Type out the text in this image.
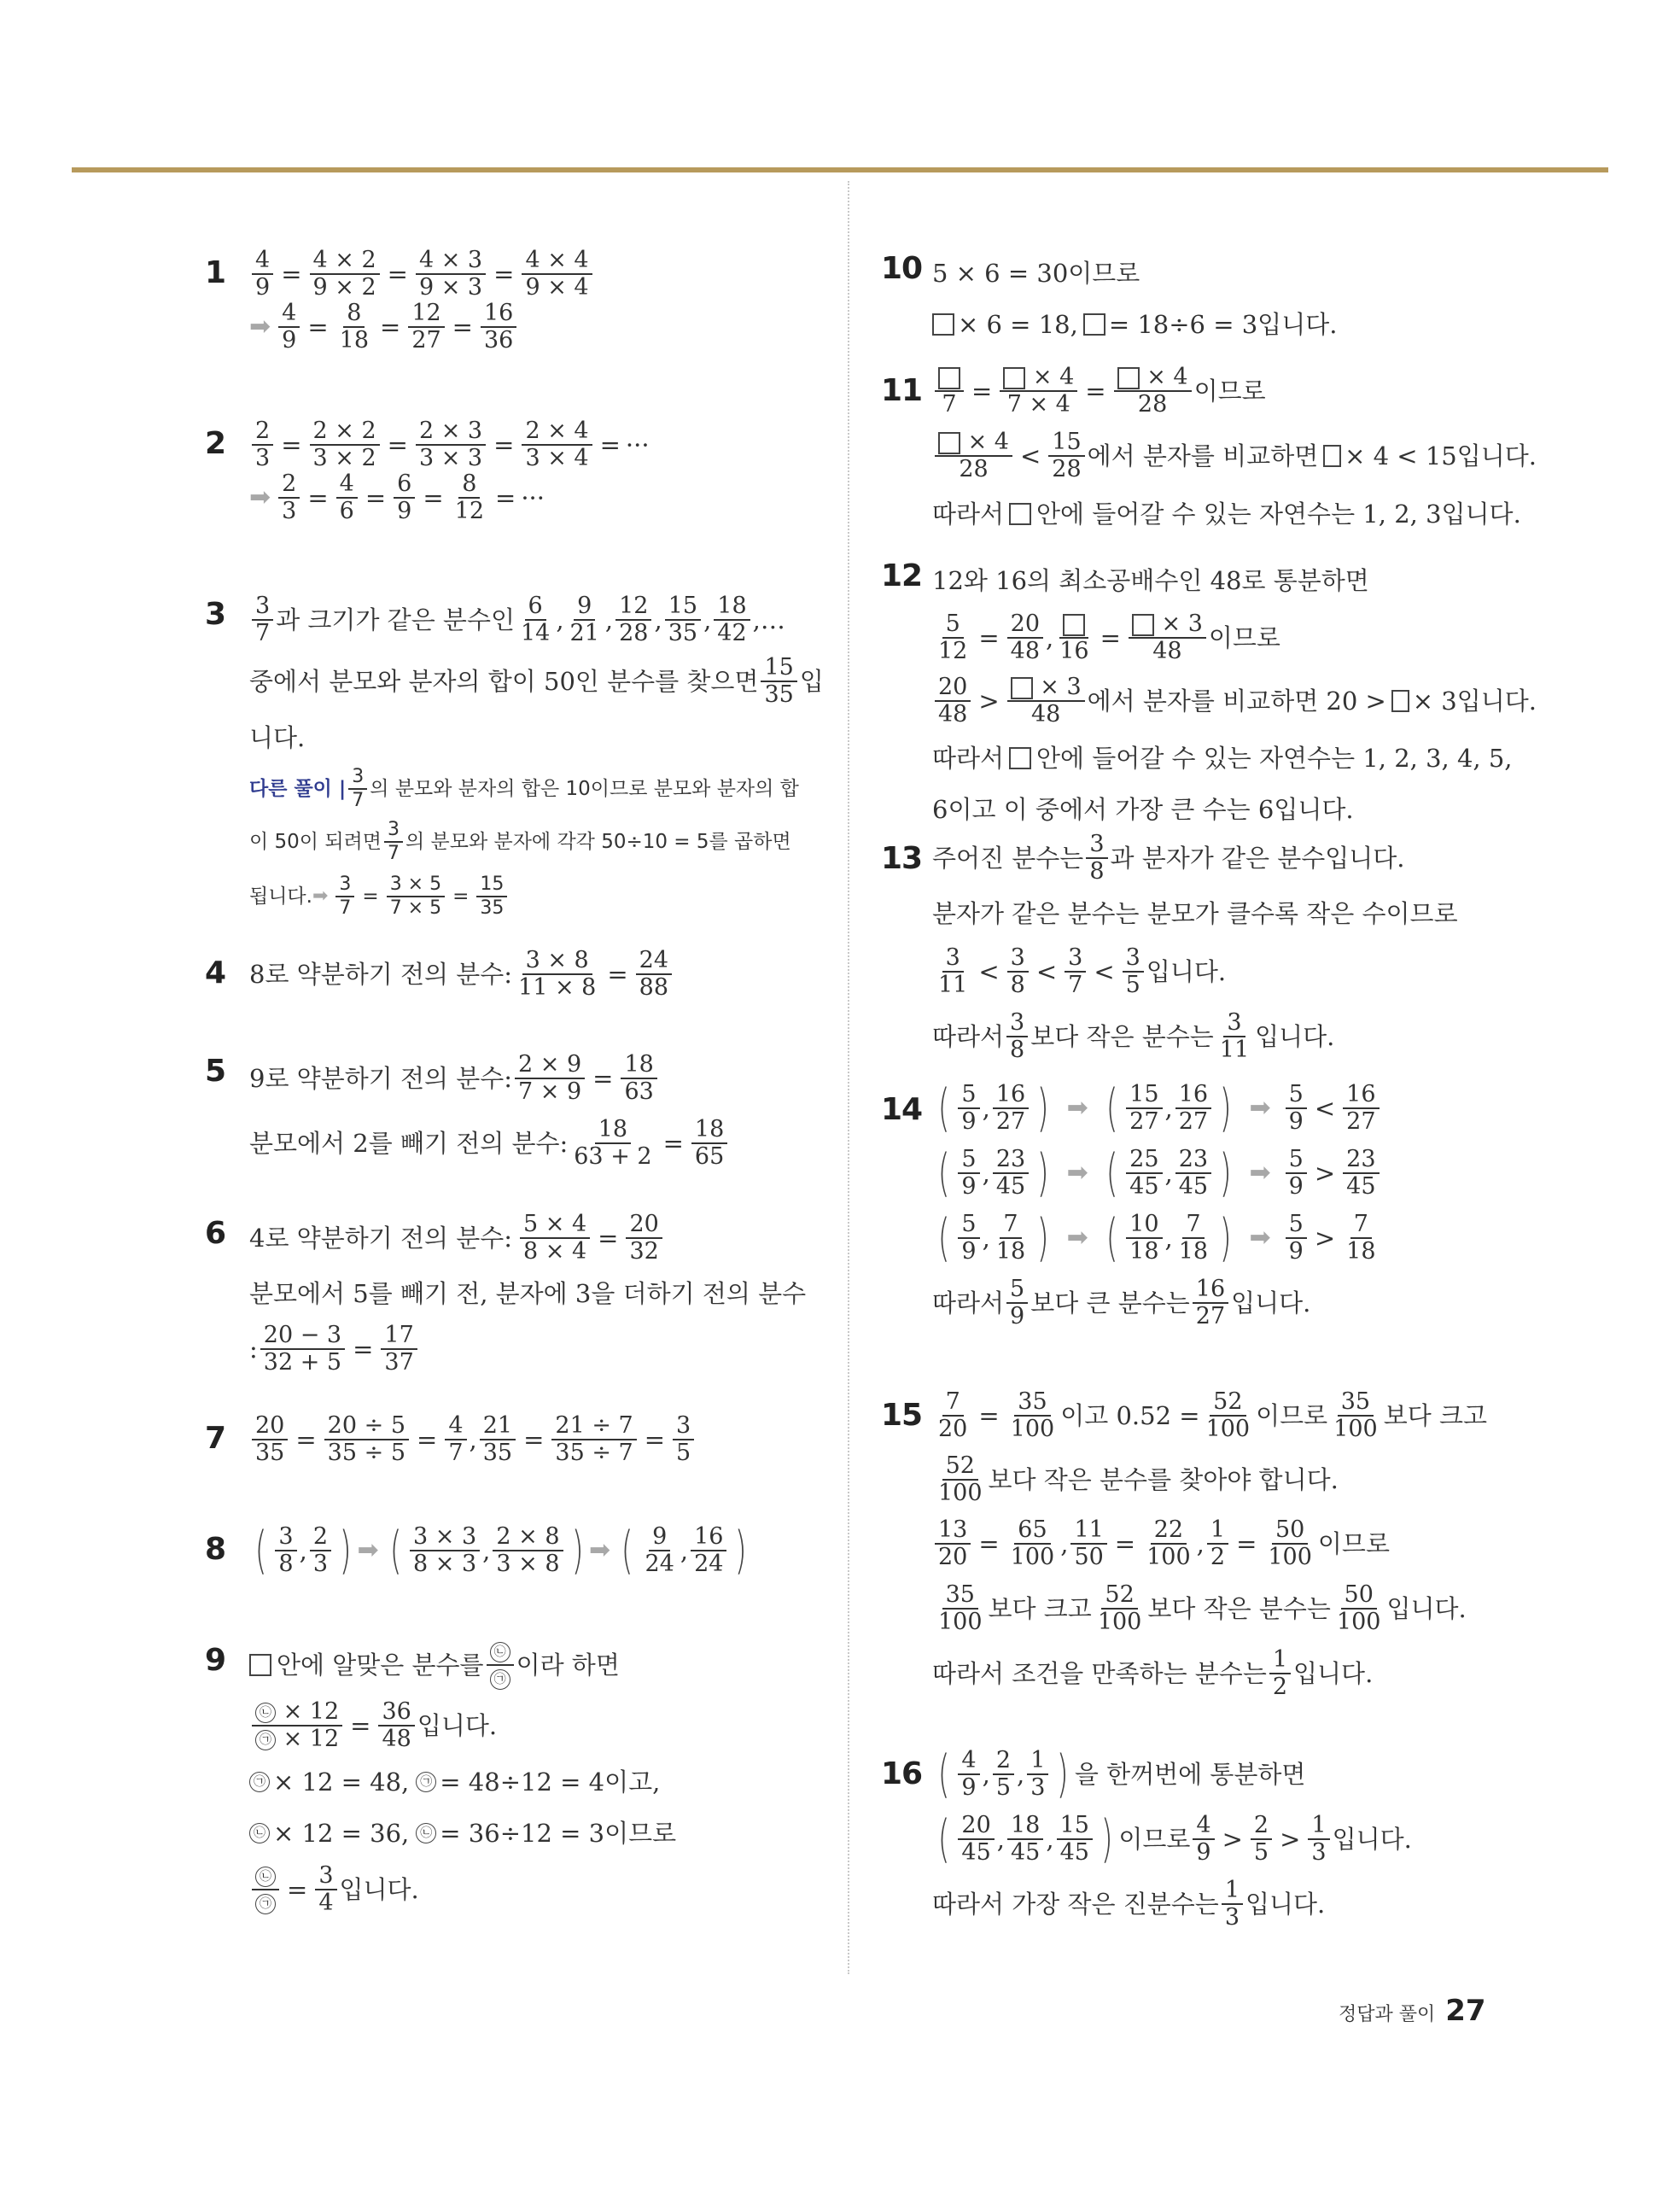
$1 \frac{4}{9} = \frac{4 \times 2}{9 \times 2} = \frac{4 \times 3}{9 \times 3} = \frac{4 \times 4}{9 \times 4}$
➡ $\frac{4}{9} = \frac{8}{18} = \frac{12}{27} = \frac{16}{36}$
$2 \frac{2}{3} = \frac{2 \times 2}{3 \times 2} = \frac{2 \times 3}{3 \times 3} = \frac{2 \times 4}{3 \times 4}$ = ···
➡ $\frac{2}{3} = \frac{4}{6} = \frac{6}{9} = \frac{8}{12}$ = ···
$3 \frac{3}{7}$ 과 크기가 같은 분수인 $\frac{6}{14}$ , $\frac{9}{21}$ , $\frac{12}{28}$ , $\frac{15}{35}$ , $\frac{18}{42}$ , …
중에서 분모와 분자의 합이 50인 분수를 찾으면 $\frac{15}{35}$ 입
니다.
다른 풀이 | $\frac{3}{7}$ 의 분모와 분자의 합은 10이므로 분모와 분자의 합
이 50이 되려면 $\frac{3}{7}$ 의 분모와 분자에 각각 50÷10 = 5를 곱하면
됩니다. ➡ $\frac{3}{7} = \frac{3 \times 5}{7 \times 5} = \frac{15}{35}$
4 8로 약분하기 전의 분수: $\frac{3 \times 8}{11 \times 8} = \frac{24}{88}$
5 9로 약분하기 전의 분수: $\frac{2 \times 9}{7 \times 9} = \frac{18}{63}$
분모에서 2를 빼기 전의 분수: $\frac{18}{63 + 2} = \frac{18}{65}$
6 4로 약분하기 전의 분수: $\frac{5 \times 4}{8 \times 4} = \frac{20}{32}$
분모에서 5를 빼기 전, 분자에 3을 더하기 전의 분수
: $\frac{20 - 3}{32 + 5} = \frac{17}{37}$
$7 \frac{20}{35} = \frac{20 \div 5}{35 \div 5} = \frac{4}{7}$ , $\frac{21}{35} = \frac{21 \div 7}{35 \div 7} = \frac{3}{5}$
8 ( $\frac{3}{8}$ , $\frac{2}{3}$ ) ➡ ( $\frac{3 \times 3}{8 \times 3}$ , $\frac{2 \times 8}{3 \times 8}$ ) ➡ ( $\frac{9}{24}$ , $\frac{16}{24}$ )
9 안에 알맞은 분수를 $\frac{㉡}{㉠}$ 이라 하면
$\frac{㉡ \times 12}{㉠ \times 12} = \frac{36}{48}$ 입니다.
㉠ × 12 = 48, ㉠ = 48÷12 = 4이고,
㉡ × 12 = 36, ㉡ = 36÷12 = 3이므로
$\frac{㉡}{㉠} = \frac{3}{4}$ 입니다.
10 5 × 6 = 30이므로
× 6 = 18, = 18÷6 = 3입니다.
11 $7 = \frac{\times 4}{7 \times 4} = \frac{\times 4}{28}$ 이므로
$\frac{\times 4}{28} < \frac{15}{28}$ 에서 분자를 비교하면 × 4 < 15입니다.
따라서 안에 들어갈 수 있는 자연수는 1, 2, 3입니다.
12 12와 16의 최소공배수인 48로 통분하면
$\frac{5}{12} = \frac{20}{48}$ , $16 = \frac{\times 3}{48}$ 이므로
$\frac{20}{48} > \frac{\times 3}{48}$ 에서 분자를 비교하면 20 > × 3입니다.
따라서 안에 들어갈 수 있는 자연수는 1, 2, 3, 4, 5,
6이고 이 중에서 가장 큰 수는 6입니다.
13 주어진 분수는 $\frac{3}{8}$ 과 분자가 같은 분수입니다.
분자가 같은 분수는 분모가 클수록 작은 수이므로
$\frac{3}{11} < \frac{3}{8} < \frac{3}{7} < \frac{3}{5}$ 입니다.
따라서 $\frac{3}{8}$ 보다 작은 분수는 $\frac{3}{11}$ 입니다.
14 ( $\frac{5}{9}$ , $\frac{16}{27}$ ) ➡ ( $\frac{15}{27}$ , $\frac{16}{27}$ ) ➡ $\frac{5}{9} < \frac{16}{27}$
( $\frac{5}{9}$ , $\frac{23}{45}$ ) ➡ ( $\frac{25}{45}$ , $\frac{23}{45}$ ) ➡ $\frac{5}{9} > \frac{23}{45}$
( $\frac{5}{9}$ , $\frac{7}{18}$ ) ➡ ( $\frac{10}{18}$ , $\frac{7}{18}$ ) ➡ $\frac{5}{9} > \frac{7}{18}$
따라서 $\frac{5}{9}$ 보다 큰 분수는 $\frac{16}{27}$ 입니다.
$15 \frac{7}{20} = \frac{35}{100}$ 이고 $0.52 = \frac{52}{100}$ 이므로 $\frac{35}{100}$ 보다 크고
$\frac{52}{100}$ 보다 작은 분수를 찾아야 합니다.
$\frac{13}{20} = \frac{65}{100}$ , $\frac{11}{50} = \frac{22}{100}$ , $\frac{1}{2} = \frac{50}{100}$ 이므로
$\frac{35}{100}$ 보다 크고 $\frac{52}{100}$ 보다 작은 분수는 $\frac{50}{100}$ 입니다.
따라서 조건을 만족하는 분수는 $\frac{1}{2}$ 입니다.
16 ( $\frac{4}{9}$ , $\frac{2}{5}$ , $\frac{1}{3}$ ) 을 한꺼번에 통분하면
( $\frac{20}{45}$ , $\frac{18}{45}$ , $\frac{15}{45}$ ) 이므로 $\frac{4}{9} > \frac{2}{5} > \frac{1}{3}$ 입니다.
따라서 가장 작은 진분수는 $\frac{1}{3}$ 입니다.
정답과 풀이 27
